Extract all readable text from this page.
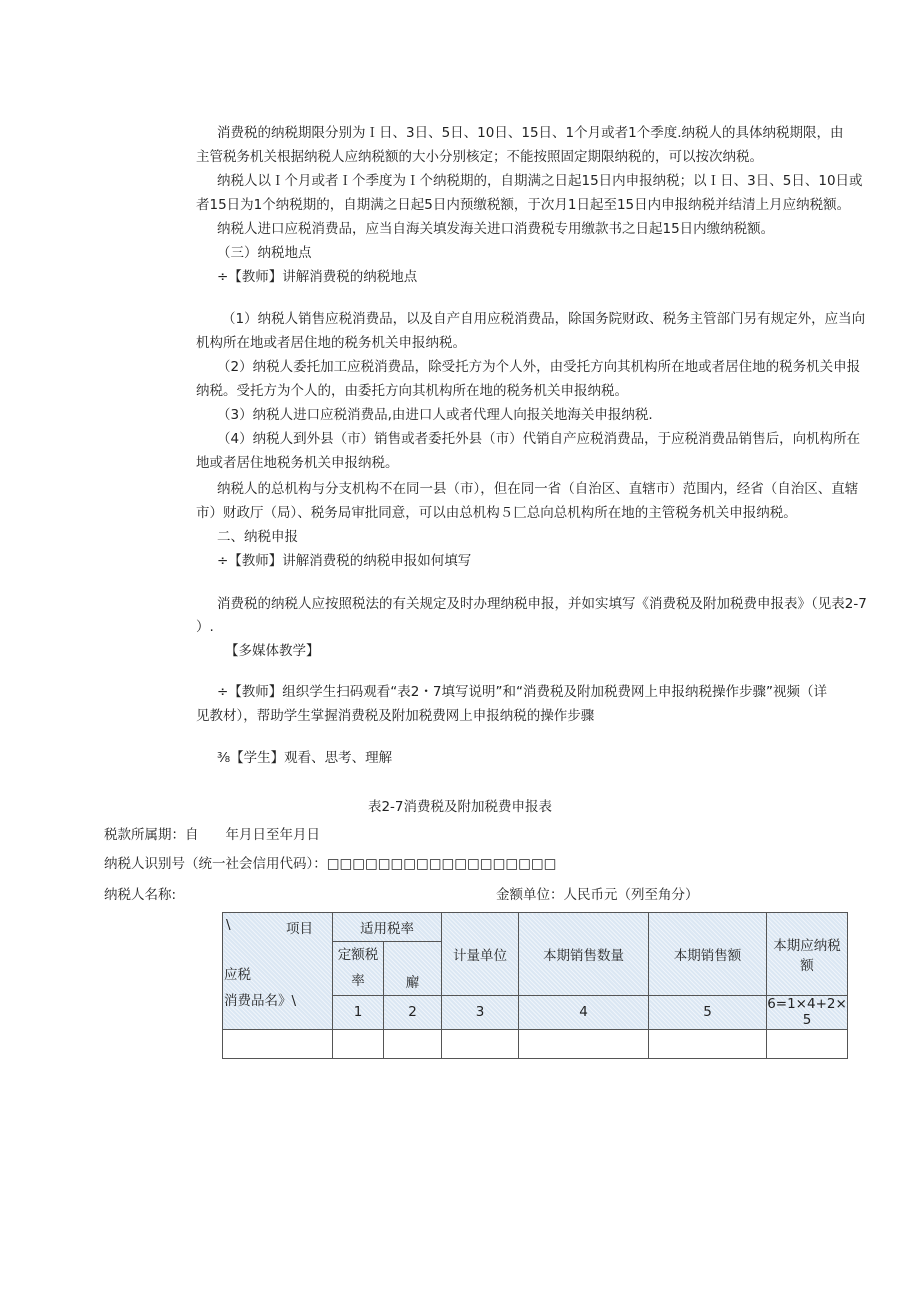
消费税的纳税期限分别为Ｉ日、3日、5日、10日、15日、1个月或者1个季度.纳税人的具体纳税期限，由
主管税务机关根据纳税人应纳税额的大小分别核定；不能按照固定期限纳税的，可以按次纳税。
纳税人以Ｉ个月或者Ｉ个季度为Ｉ个纳税期的，自期满之日起15日内申报纳税；以Ｉ日、3日、5日、10日或
者15日为1个纳税期的，自期满之日起5日内预缴税额，于次月1日起至15日内申报纳税并结清上月应纳税额。
纳税人进口应税消费品，应当自海关填发海关进口消费税专用缴款书之日起15日内缴纳税额。
（三）纳税地点
÷【教师】讲解消费税的纳税地点
（1）纳税人销售应税消费品，以及自产自用应税消费品，除国务院财政、税务主管部门另有规定外，应当向
机构所在地或者居住地的税务机关申报纳税。
（2）纳税人委托加工应税消费品，除受托方为个人外，由受托方向其机构所在地或者居住地的税务机关申报
纳税。受托方为个人的，由委托方向其机构所在地的税务机关申报纳税。
（3）纳税人进口应税消费品,由进口人或者代理人向报关地海关申报纳税.
（4）纳税人到外县（市）销售或者委托外县（市）代销自产应税消费品，于应税消费品销售后，向机构所在
地或者居住地税务机关申报纳税。
纳税人的总机构与分支机构不在同一县（市），但在同一省（自治区、直辖市）范围内，经省（自治区、直辖
市）财政厅（局）、税务局审批同意，可以由总机构５匚总向总机构所在地的主管税务机关申报纳税。
二、纳税申报
÷【教师】讲解消费税的纳税申报如何填写
消费税的纳税人应按照税法的有关规定及时办理纳税申报，并如实填写《消费税及附加税费申报表》（见表2-7
）.
【多媒体教学】
÷【教师】组织学生扫码观看“表2・7填写说明”和“消费税及附加税费网上申报纳税操作步骤”视频（详
见教材），帮助学生掌握消费税及附加税费网上申报纳税的操作步骤
⅜【学生】观看、思考、理解
表2-7消费税及附加税费申报表
税款所属期：自　　年月日至年月日
纳税人识别号（统一社会信用代码）：□□□□□□□□□□□□□□□□□□
纳税人名称:	金额单位：人民币元（列至角分）
\ 项目
应税
消费品名》\	适用税率		计量单位	本期销售数量	本期销售额	本期应纳税额

	定额税
率	廨				
	1	2	3	4	5	6=1×4+2×
5
